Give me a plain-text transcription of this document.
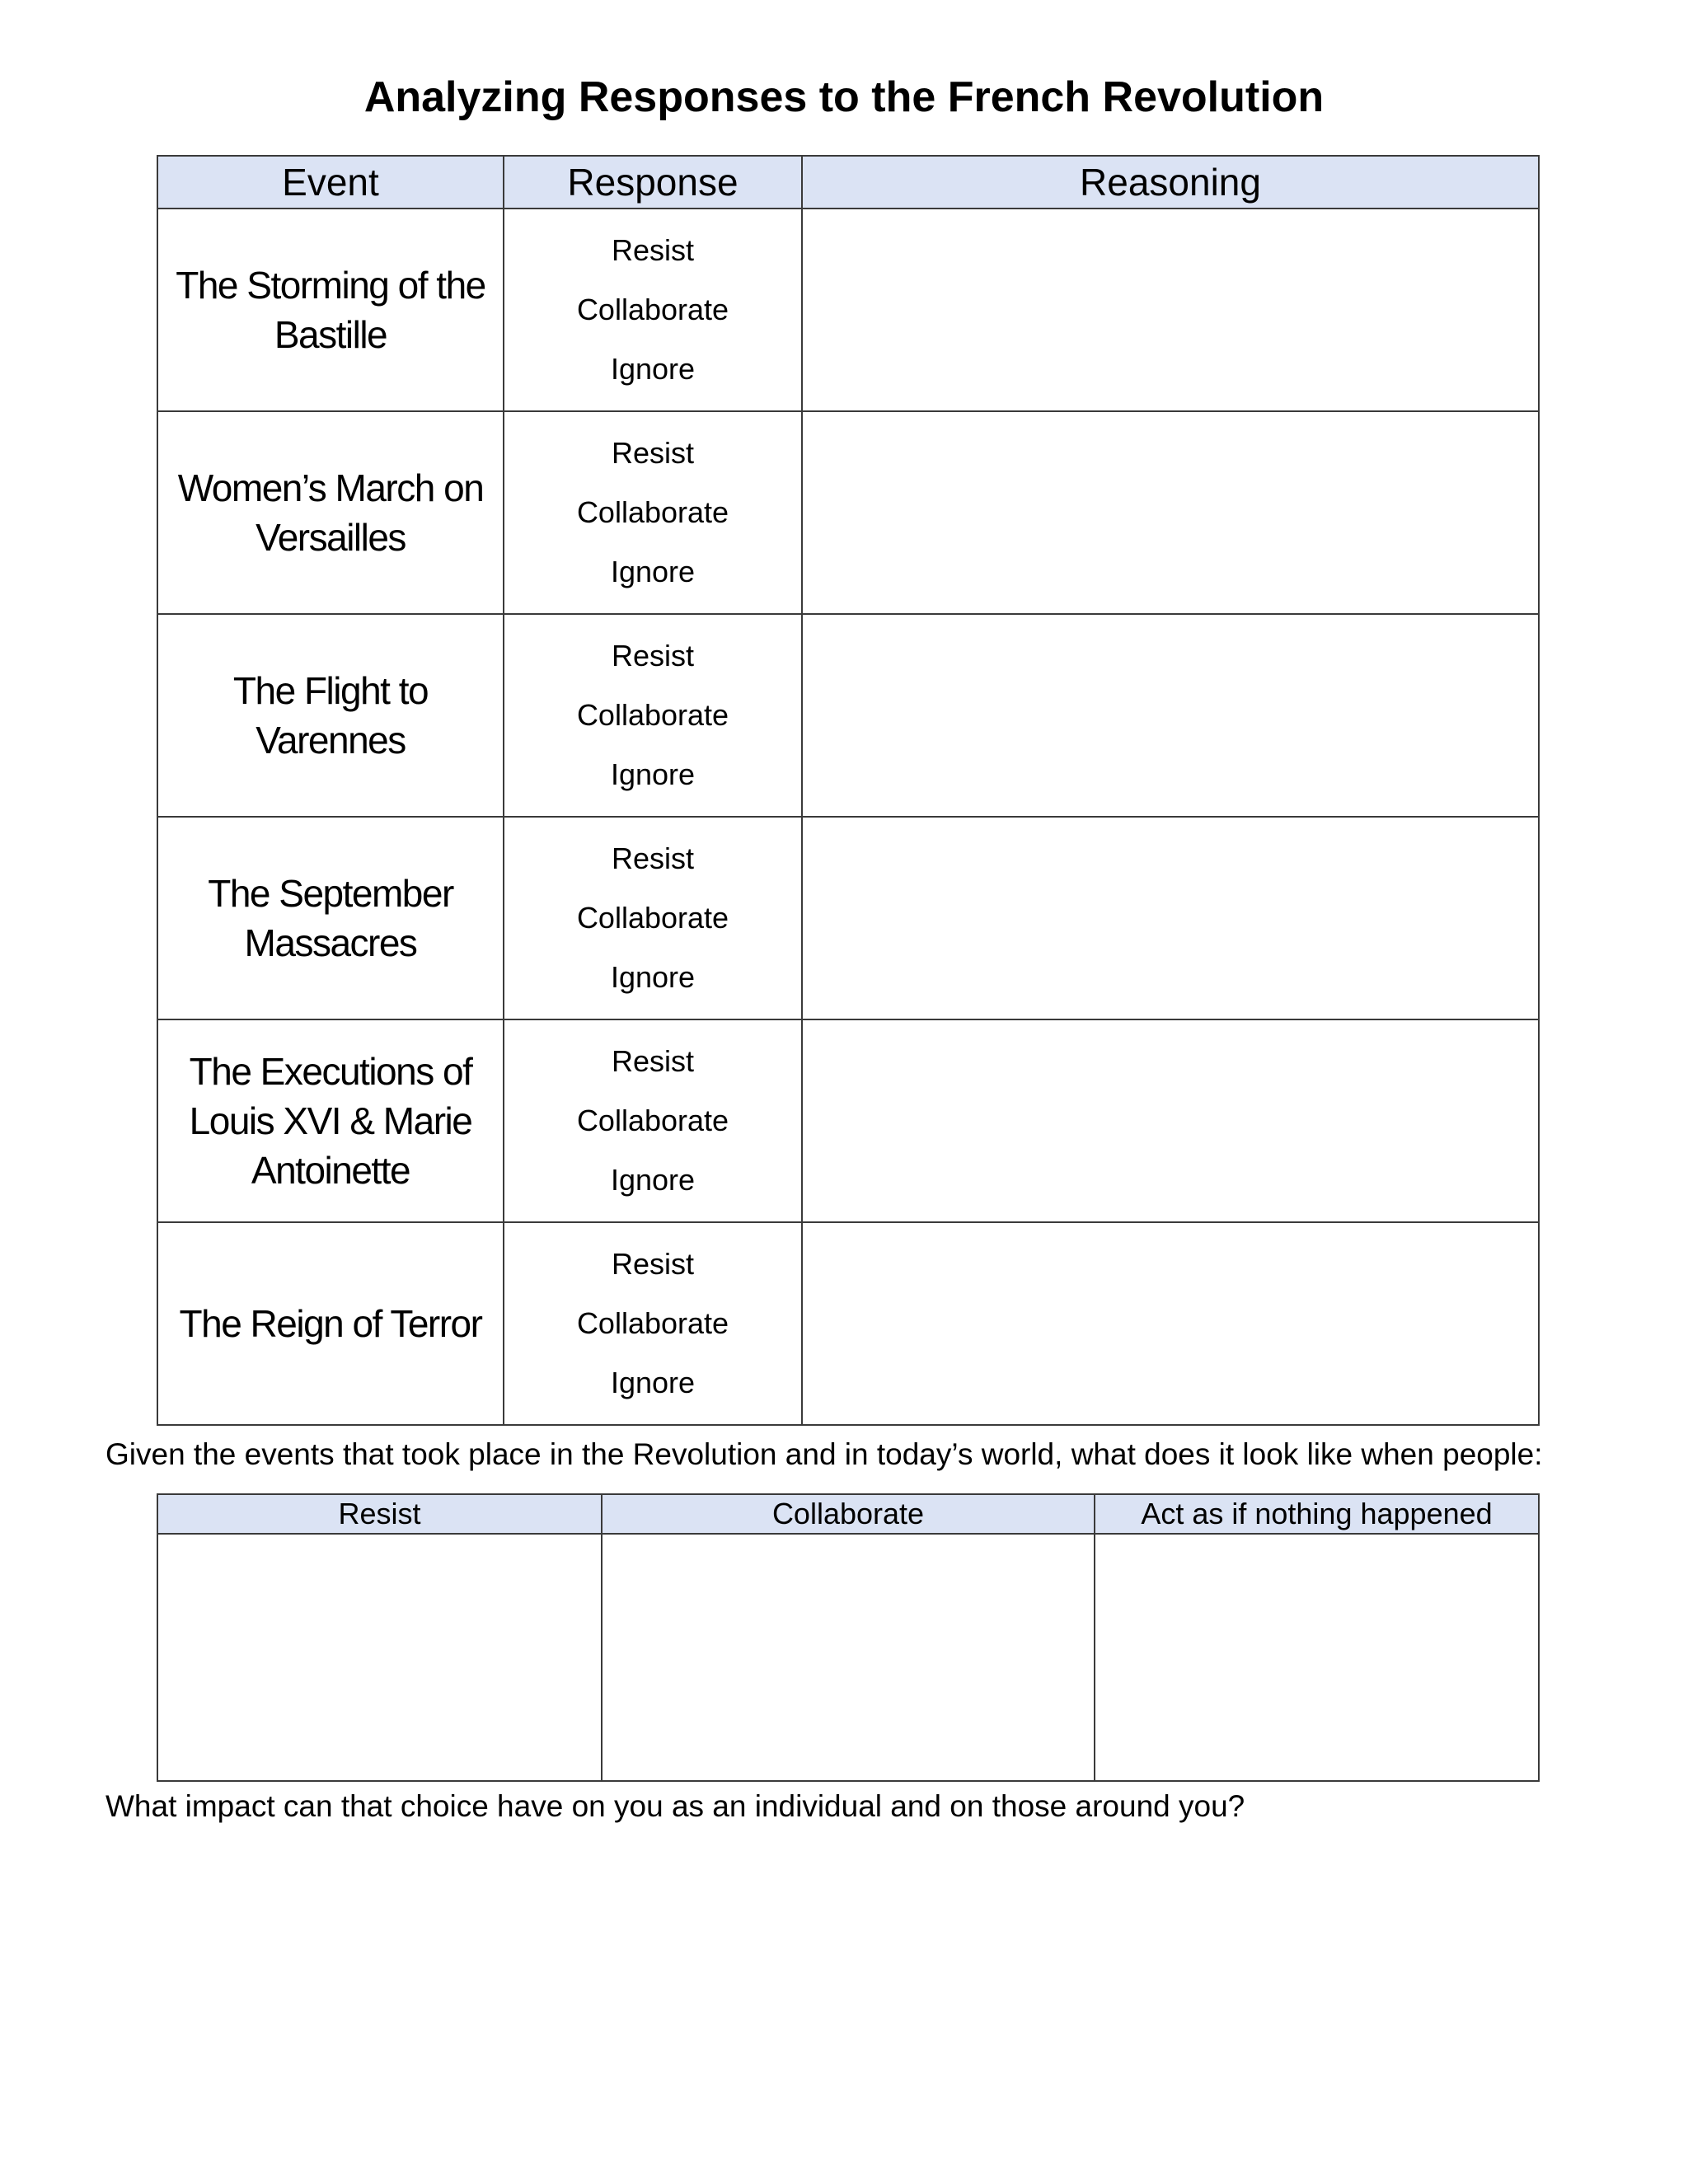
Analyzing Responses to the French Revolution
Event	Response	Reasoning
The Storming of the Bastille	Resist
Collaborate
Ignore	

Women’s March on Versailles	Resist
Collaborate
Ignore	

The Flight to Varennes	Resist
Collaborate
Ignore	

The September Massacres	Resist
Collaborate
Ignore	

The Executions of Louis XVI & Marie Antoinette	Resist
Collaborate
Ignore	

The Reign of Terror	Resist
Collaborate
Ignore	

Given the events that took place in the Revolution and in today’s world, what does it look like when people:
Resist	Collaborate	Act as if nothing happened

What impact can that choice have on you as an individual and on those around you?
